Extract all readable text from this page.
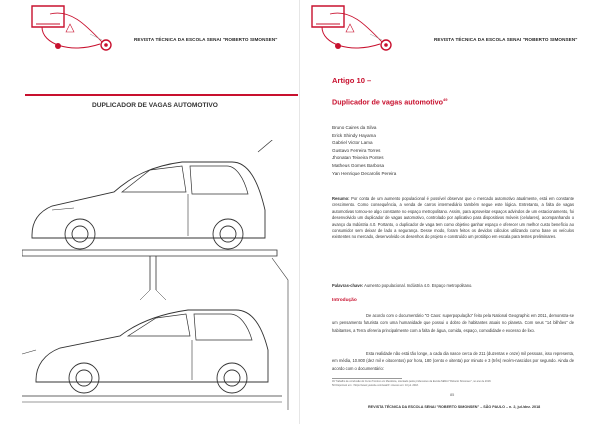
REVISTA TÉCNICA DA ESCOLA SENAI "ROBERTO SIMONSEN"
DUPLICADOR DE VAGAS AUTOMOTIVO
REVISTA TÉCNICA DA ESCOLA SENAI "ROBERTO SIMONSEN"
Artigo 10 –
Duplicador de vagas automotivo$^{49}$
Bruno Caires da Silva
Erick Shindy Hayama
Gabriel Victor Lama
Gustavo Ferreira Torres
Jhonatan Teixeira Pontes
Matheus Gomes Barbosa
Yan Henrique Decarolis Pereira

Resumo: Por conta de um aumento populacional é possível observar que o mercado automotivo atualmente, está em constante crescimento. Como consequência, a venda de carros intermediário também segue este lógica. Entretanto, a falta de vagas automotivas tornou-se algo constante no espaço metropolitano. Assim, para aproveitar espaços advindos de um estacionamento, foi desenvolvido um duplicador de vagas automotivo, controlado por aplicativo para dispositivos móveis (celulares), acompanhando o avanço da Indústria 4.0. Portanto, o duplicador de vaga tem como objetivo ganhar espaço e oferecer um melhor custo benefício ao consumidor sem deixar de lado a segurança. Desse modo, foram feitos os devidos cálculos utilizando como base os veículos existentes no mercado, desenvolvido os desenhos do projeto e construído um protótipo em escala para testes preliminares.

Palavras-chave: Aumento populacional. Indústria 4.0. Espaço metropolitano.

Introdução

De acordo com o documentário "O Caos: superpopulação" feito pela National Geographic em 2011, demonstra-se um pensamento futurista com uma humanidade que possui o dobro de habitantes atuais no planeta. Com seus "14 bilhões" de habitantes, a Terra ofereria principalmente com a falta de água, comida, espaço, comodidade e excesso de lixo.

Esta realidade não está tão longe, a cada dia nasce cerca de 211 (duzentas e onze) mil pessoas, isso representa, em média, 10.800 (dez mil e oitocentos) por hora, 180 (cento e oitenta) por minuto e 3 (três) recém-nascidos por segundo. Ainda de acordo com o documentário:

49 Trabalho de conclusão do Curso Técnico em Mecânica, orientado pelos professores da Escola SENAI "Roberto Simonsen", no ano de 2018.
50 Disponível em: <https://www.youtube.com/watch> Acesso em: 10 jul. 2018.
85
REVISTA TÉCNICA DA ESCOLA SENAI "ROBERTO SIMONSEN" – SÃO PAULO – n. 2, jul./dez. 2018
